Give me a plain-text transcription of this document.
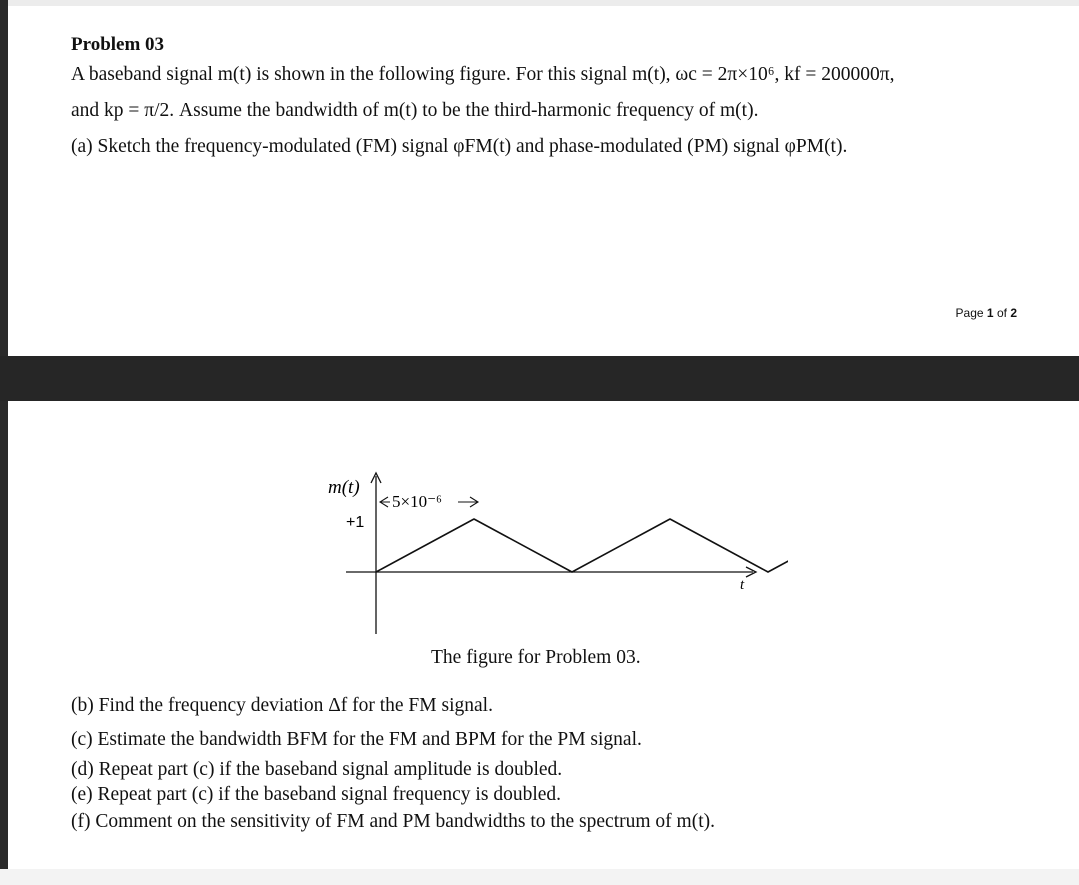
Problem 03
A baseband signal m(t) is shown in the following figure. For this signal m(t), ωc = 2π×10⁶, kf = 200000π,
and kp = π/2. Assume the bandwidth of m(t) to be the third-harmonic frequency of m(t).
(a) Sketch the frequency-modulated (FM) signal φFM(t) and phase-modulated (PM) signal φPM(t).
Page 1 of 2
m(t)
+1
5×10⁻⁶
t
The figure for Problem 03.
(b) Find the frequency deviation Δf for the FM signal.
(c) Estimate the bandwidth BFM for the FM and BPM for the PM signal.
(d) Repeat part (c) if the baseband signal amplitude is doubled.
(e) Repeat part (c) if the baseband signal frequency is doubled.
(f) Comment on the sensitivity of FM and PM bandwidths to the spectrum of m(t).
